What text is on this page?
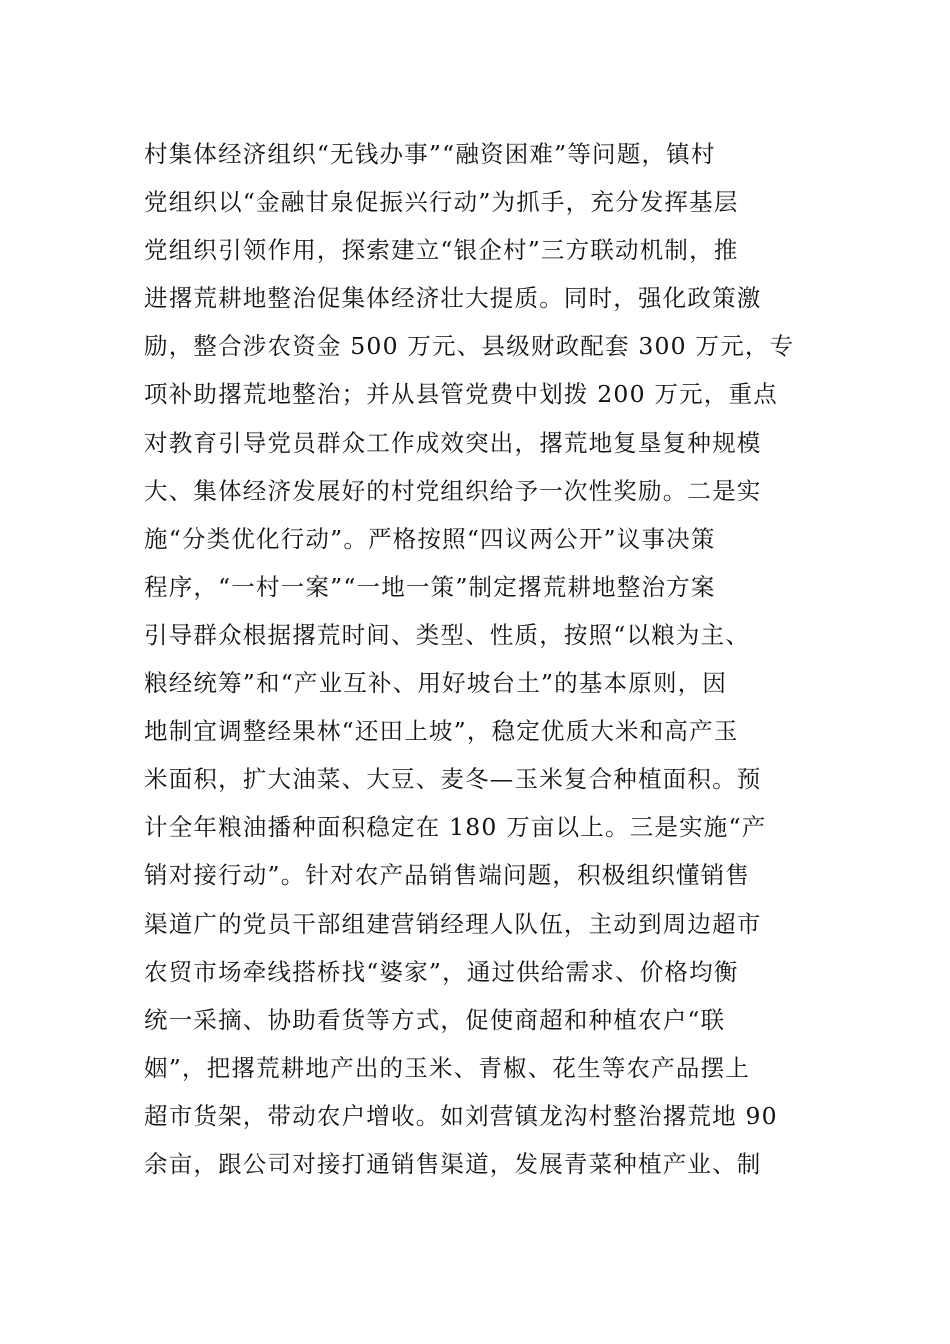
村集体经济组织“无钱办事”“融资困难”等问题，镇村
党组织以“金融甘泉促振兴行动”为抓手，充分发挥基层
党组织引领作用，探索建立“银企村”三方联动机制，推
进撂荒耕地整治促集体经济壮大提质。同时，强化政策激
励，整合涉农资金 500 万元、县级财政配套 300 万元，专
项补助撂荒地整治；并从县管党费中划拨 200 万元，重点
对教育引导党员群众工作成效突出，撂荒地复垦复种规模
大、集体经济发展好的村党组织给予一次性奖励。二是实
施“分类优化行动”。严格按照“四议两公开”议事决策
程序，“一村一案”“一地一策”制定撂荒耕地整治方案
引导群众根据撂荒时间、类型、性质，按照“以粮为主、
粮经统筹”和“产业互补、用好坡台土”的基本原则，因
地制宜调整经果林“还田上坡”，稳定优质大米和高产玉
米面积，扩大油菜、大豆、麦冬—玉米复合种植面积。预
计全年粮油播种面积稳定在 180 万亩以上。三是实施“产
销对接行动”。针对农产品销售端问题，积极组织懂销售
渠道广的党员干部组建营销经理人队伍，主动到周边超市
农贸市场牵线搭桥找“婆家”，通过供给需求、价格均衡
统一采摘、协助看货等方式，促使商超和种植农户“联
姻”，把撂荒耕地产出的玉米、青椒、花生等农产品摆上
超市货架，带动农户增收。如刘营镇龙沟村整治撂荒地 90
余亩，跟公司对接打通销售渠道，发展青菜种植产业、制
